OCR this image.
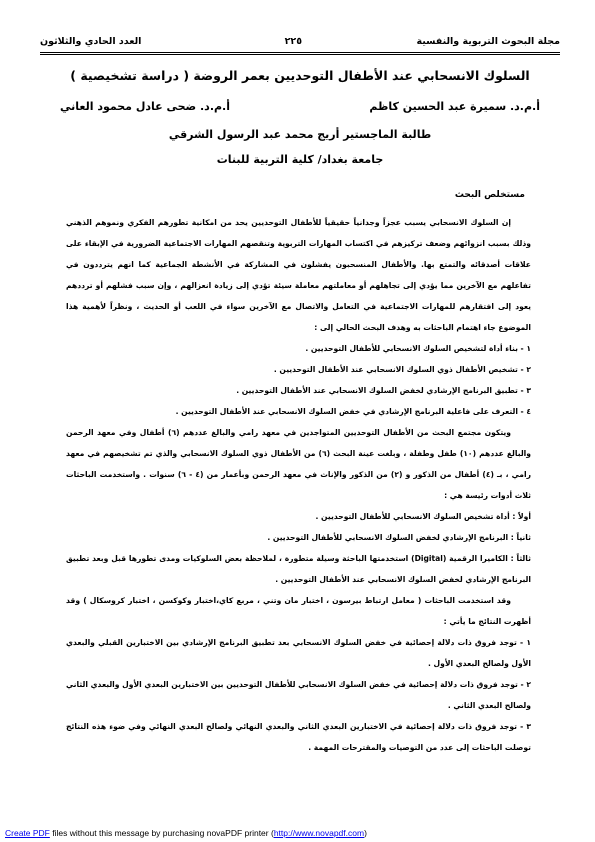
مجلة البحوث التربوية والنفسية
٢٢٥
العدد الحادي والثلاثون
السلوك الانسحابي عند الأطفال التوحديين بعمر الروضة ( دراسة تشخيصية )
أ.م.د. سميرة عبد الحسين كاظم
أ.م.د. ضحى عادل محمود العاني
طالبة الماجستير أريج محمد عبد الرسول الشرقي
جامعة بغداد/ كلية التربية للبنات
مستخلص البحث

إن السلوك الانسحابي يسبب عجزاً وجدانياً حقيقياً للأطفال التوحديين يحد من امكانية تطورهم الفكري ونموهم الذهني وذلك بسبب انزوائهم وضعف تركيزهم في اكتساب المهارات التربوية وتنقصهم المهارات الاجتماعية الضرورية في الإبقاء على علاقات أصدقائه والتمتع بها. والأطفال المنسحبون يفشلون في المشاركة في الأنشطة الجماعية كما انهم يترددون في تفاعلهم مع الآخرين مما يؤدي إلى تجاهلهم أو معاملتهم معاملة سيئة تؤدي إلى زيادة انعزالهم ، وإن سبب فشلهم أو ترددهم يعود إلى افتقارهم للمهارات الاجتماعية في التعامل والاتصال مع الآخرين سواء في اللعب أو الحديث ، ونظراً لأهمية هذا الموضوع جاء اهتمام الباحثات به وهدف البحث الحالي إلى :

١ - بناء أداة لتشخيص السلوك الانسحابي للأطفال التوحديين .

٢ - تشخيص الأطفال ذوي السلوك الانسحابي عند الأطفال التوحديين .

٣ - تطبيق البرنامج الإرشادي لخفض السلوك الانسحابي عند الأطفال التوحديين .

٤ - التعرف على فاعلية البرنامج الإرشادي في خفض السلوك الانسحابي عند الأطفال التوحديين .

ويتكون مجتمع البحث من الأطفال التوحديين المتواجدين في معهد رامي والبالغ عددهم (٦) أطفال وفي معهد الرحمن والبالغ عددهم (١٠) طفل وطفلة ، وبلغت عينة البحث (٦) من الأطفال ذوي السلوك الانسحابي والذي تم تشخيصهم في معهد رامي ، بـ (٤) أطفال من الذكور و (٢) من الذكور والإناث في معهد الرحمن وبأعمار من (٤ - ٦) سنوات . واستخدمت الباحثات ثلاث أدوات رئيسة هي :

أولاً : أداة تشخيص السلوك الانسحابي للأطفال التوحديين .

ثانياً : البرنامج الإرشادي لخفض السلوك الانسحابي للأطفال التوحديين .

ثالثاً : الكاميرا الرقمية (Digital) استخدمتها الباحثة وسيلة متطورة ، لملاحظة بعض السلوكيات ومدى تطورها قبل وبعد تطبيق البرنامج الإرشادي لخفض السلوك الانسحابي عند الأطفال التوحديين .

وقد استخدمت الباحثات ( معامل ارتباط بيرسون ، اختبار مان وتني ، مربع كاي،اختبار وكوكسن ، اختبار كروسكال ) وقد أظهرت النتائج ما يأتي :

١ - توجد فروق ذات دلالة إحصائية في خفض السلوك الانسحابي بعد تطبيق البرنامج الإرشادي بين الاختبارين القبلي والبعدي الأول ولصالح البعدي الأول .

٢ - توجد فروق ذات دلالة إحصائية في خفض السلوك الانسحابي للأطفال التوحديين بين الاختبارين البعدي الأول والبعدي الثاني ولصالح البعدي الثاني .

٣ - توجد فروق ذات دلالة إحصائية في الاختبارين البعدي الثاني والبعدي النهائي ولصالح البعدي النهائي وفي ضوء هذه النتائج توصلت الباحثات إلى عدد من التوصيات والمقترحات المهمة .

Create PDF files without this message by purchasing novaPDF printer (http://www.novapdf.com)
